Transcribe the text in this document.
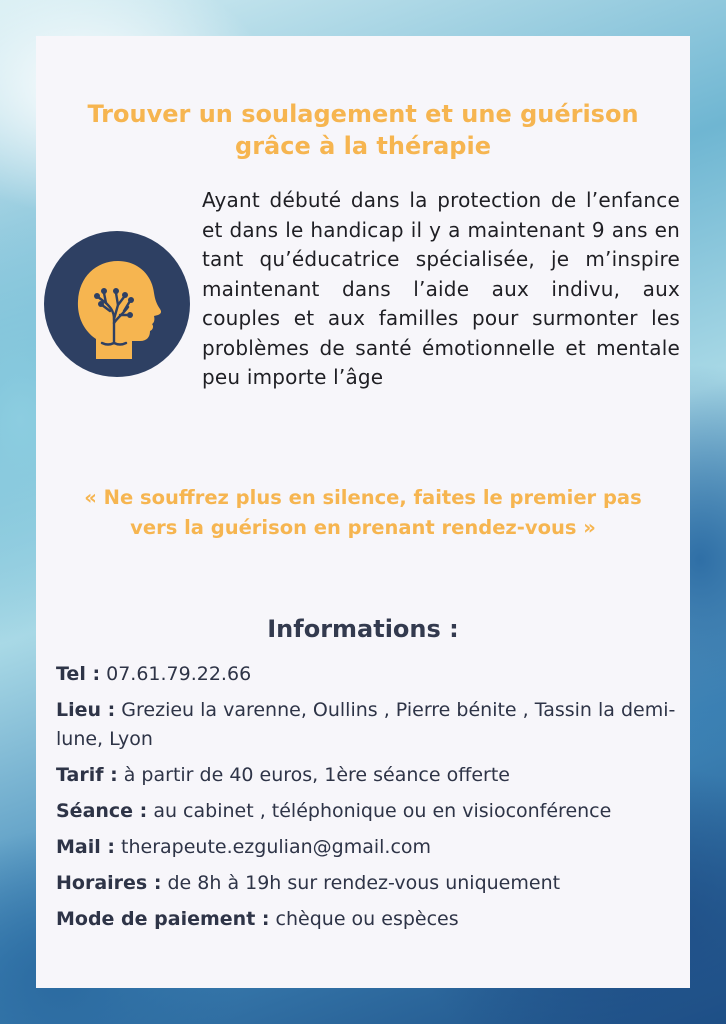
Trouver un soulagement et une guérison
grâce à la thérapie
Ayant débuté dans la protection de l’enfance et dans le handicap il y a maintenant 9 ans en tant qu’éducatrice spécialisée, je m’inspire maintenant dans l’aide aux indivu, aux couples et aux familles pour surmonter les problèmes de santé émotionnelle et mentale peu importe l’âge
« Ne souffrez plus en silence, faites le premier pas
vers la guérison en prenant rendez-vous »
Informations :
Tel : 07.61.79.22.66
Lieu : Grezieu la varenne, Oullins , Pierre bénite , Tassin la demi-lune, Lyon
Tarif : à partir de 40 euros, 1ère séance offerte
Séance : au cabinet , téléphonique ou en visioconférence
Mail : therapeute.ezgulian@gmail.com
Horaires : de 8h à 19h sur rendez-vous uniquement
Mode de paiement : chèque ou espèces
